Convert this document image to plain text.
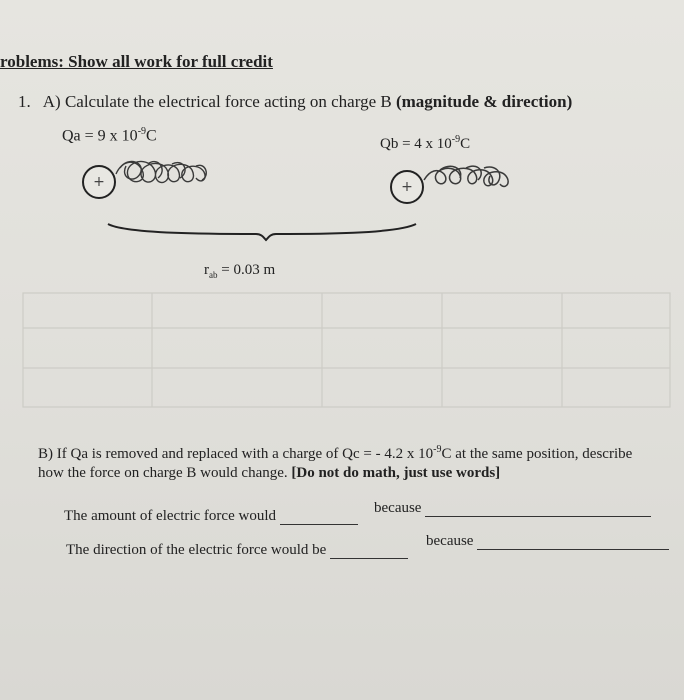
roblems: Show all work for full credit
1. A) Calculate the electrical force acting on charge B (magnitude & direction)
Qa = 9 x $10^{-9}C$	Qb = 4 x $10^{-9}C$
+	+
$r_{ab} = 0.03$ m
B) If Qa is removed and replaced with a charge of Qc = - 4.2 x $10^{-9}C$ at the same position, describe
how the force on charge B would change. [Do not do math, just use words]
The amount of electric force would	because
The direction of the electric force would be
because
